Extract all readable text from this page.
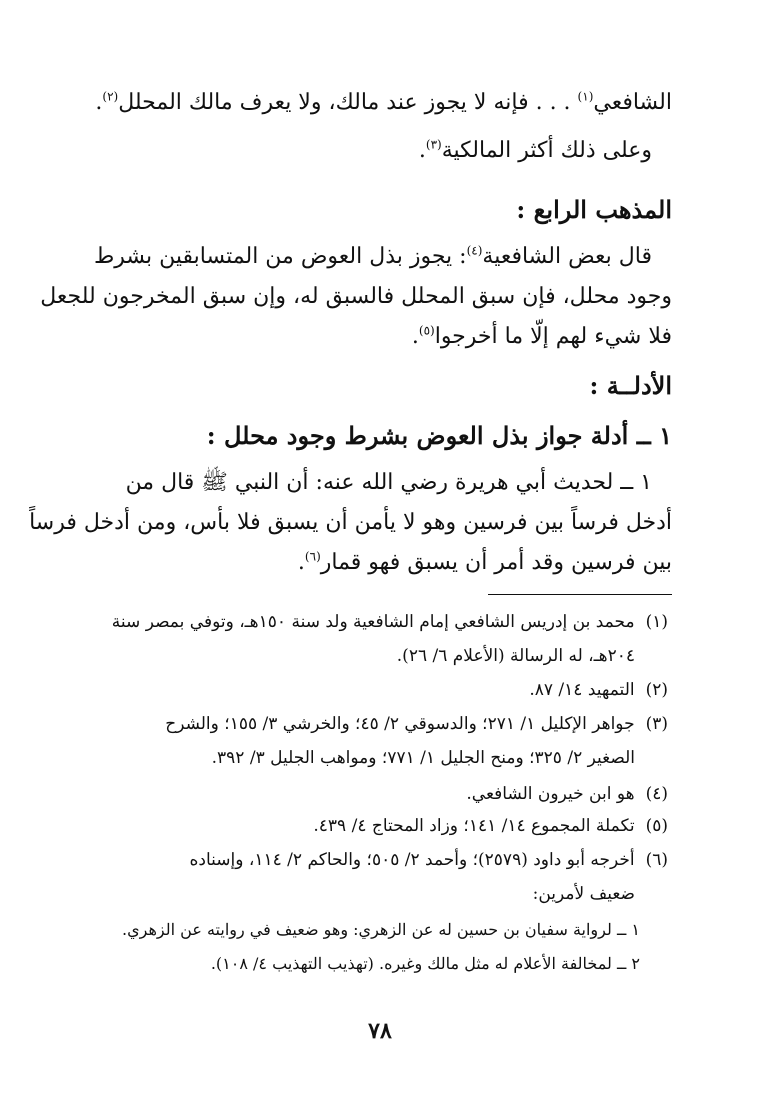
الشافعي$^{(١)}$ . . . فإنه لا يجوز عند مالك، ولا يعرف مالك المحلل$^{(٢)}$.
وعلى ذلك أكثر المالكية$^{(٣)}$.
المذهب الرابع :
قال بعض الشافعية$^{(٤)}$: يجوز بذل العوض من المتسابقين بشرط
وجود محلل، فإن سبق المحلل فالسبق له، وإن سبق المخرجون للجعل
فلا شيء لهم إلّا ما أخرجوا$^{(٥)}$.
الأدلــة :
١ ــ أدلة جواز بذل العوض بشرط وجود محلل :
١ ــ لحديث أبي هريرة رضي الله عنه: أن النبي ﷺ قال من
أدخل فرساً بين فرسين وهو لا يأمن أن يسبق فلا بأس، ومن أدخل فرساً
بين فرسين وقد أمر أن يسبق فهو قمار$^{(٦)}$.
(١) محمد بن إدريس الشافعي إمام الشافعية ولد سنة ١٥٠هـ، وتوفي بمصر سنة
٢٠٤هـ، له الرسالة (الأعلام ٦/ ٢٦).
(٢) التمهيد ١٤/ ٨٧.
(٣) جواهر الإكليل ١/ ٢٧١؛ والدسوقي ٢/ ٤٥؛ والخرشي ٣/ ١٥٥؛ والشرح
الصغير ٢/ ٣٢٥؛ ومنح الجليل ١/ ٧٧١؛ ومواهب الجليل ٣/ ٣٩٢.
(٤) هو ابن خيرون الشافعي.
(٥) تكملة المجموع ١٤/ ١٤١؛ وزاد المحتاج ٤/ ٤٣٩.
(٦) أخرجه أبو داود (٢٥٧٩)؛ وأحمد ٢/ ٥٠٥؛ والحاكم ٢/ ١١٤، وإسناده
ضعيف لأمرين:
١ ــ لرواية سفيان بن حسين له عن الزهري: وهو ضعيف في روايته عن الزهري.
٢ ــ لمخالفة الأعلام له مثل مالك وغيره. (تهذيب التهذيب ٤/ ١٠٨).
٧٨
